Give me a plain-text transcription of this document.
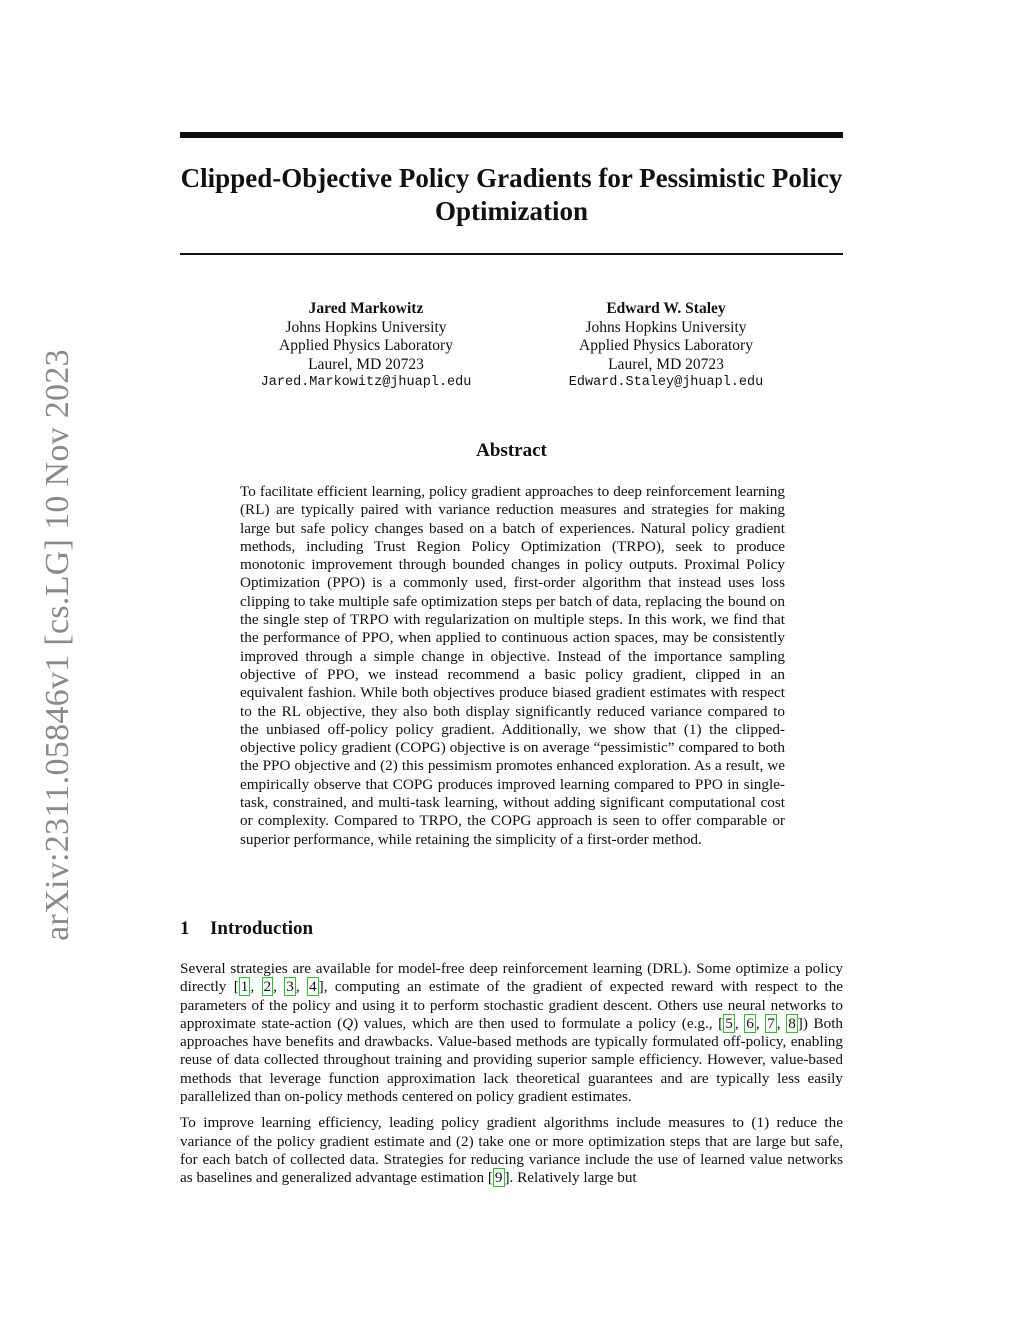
arXiv:2311.05846v1 [cs.LG] 10 Nov 2023
Clipped-Objective Policy Gradients for Pessimistic Policy Optimization
Jared Markowitz
Johns Hopkins University
Applied Physics Laboratory
Laurel, MD 20723
Jared.Markowitz@jhuapl.edu
Edward W. Staley
Johns Hopkins University
Applied Physics Laboratory
Laurel, MD 20723
Edward.Staley@jhuapl.edu
Abstract
To facilitate efficient learning, policy gradient approaches to deep reinforcement learning (RL) are typically paired with variance reduction measures and strategies for making large but safe policy changes based on a batch of experiences. Natural policy gradient methods, including Trust Region Policy Optimization (TRPO), seek to produce monotonic improvement through bounded changes in policy outputs. Proximal Policy Optimization (PPO) is a commonly used, first-order algorithm that instead uses loss clipping to take multiple safe optimization steps per batch of data, replacing the bound on the single step of TRPO with regularization on multiple steps. In this work, we find that the performance of PPO, when applied to continuous action spaces, may be consistently improved through a simple change in objective. Instead of the importance sampling objective of PPO, we instead recommend a basic policy gradient, clipped in an equivalent fashion. While both objectives produce biased gradient estimates with respect to the RL objective, they also both display significantly reduced variance compared to the unbiased off-policy policy gradient. Additionally, we show that (1) the clipped-objective policy gradient (COPG) objective is on average “pessimistic” compared to both the PPO objective and (2) this pessimism promotes enhanced exploration. As a result, we empirically observe that COPG produces improved learning compared to PPO in single-task, constrained, and multi-task learning, without adding significant computational cost or complexity. Compared to TRPO, the COPG approach is seen to offer comparable or superior performance, while retaining the simplicity of a first-order method.
1 Introduction

Several strategies are available for model-free deep reinforcement learning (DRL). Some optimize a policy directly [ 1 , 2 , 3 , 4 ], computing an estimate of the gradient of expected reward with respect to the parameters of the policy and using it to perform stochastic gradient descent. Others use neural networks to approximate state-action (Q) values, which are then used to formulate a policy (e.g., [ 5 , 6 , 7 , 8 ]) Both approaches have benefits and drawbacks. Value-based methods are typically formulated off-policy, enabling reuse of data collected throughout training and providing superior sample efficiency. However, value-based methods that leverage function approximation lack theoretical guarantees and are typically less easily parallelized than on-policy methods centered on policy gradient estimates.

To improve learning efficiency, leading policy gradient algorithms include measures to (1) reduce the variance of the policy gradient estimate and (2) take one or more optimization steps that are large but safe, for each batch of collected data. Strategies for reducing variance include the use of learned value networks as baselines and generalized advantage estimation [ 9 ]. Relatively large but
